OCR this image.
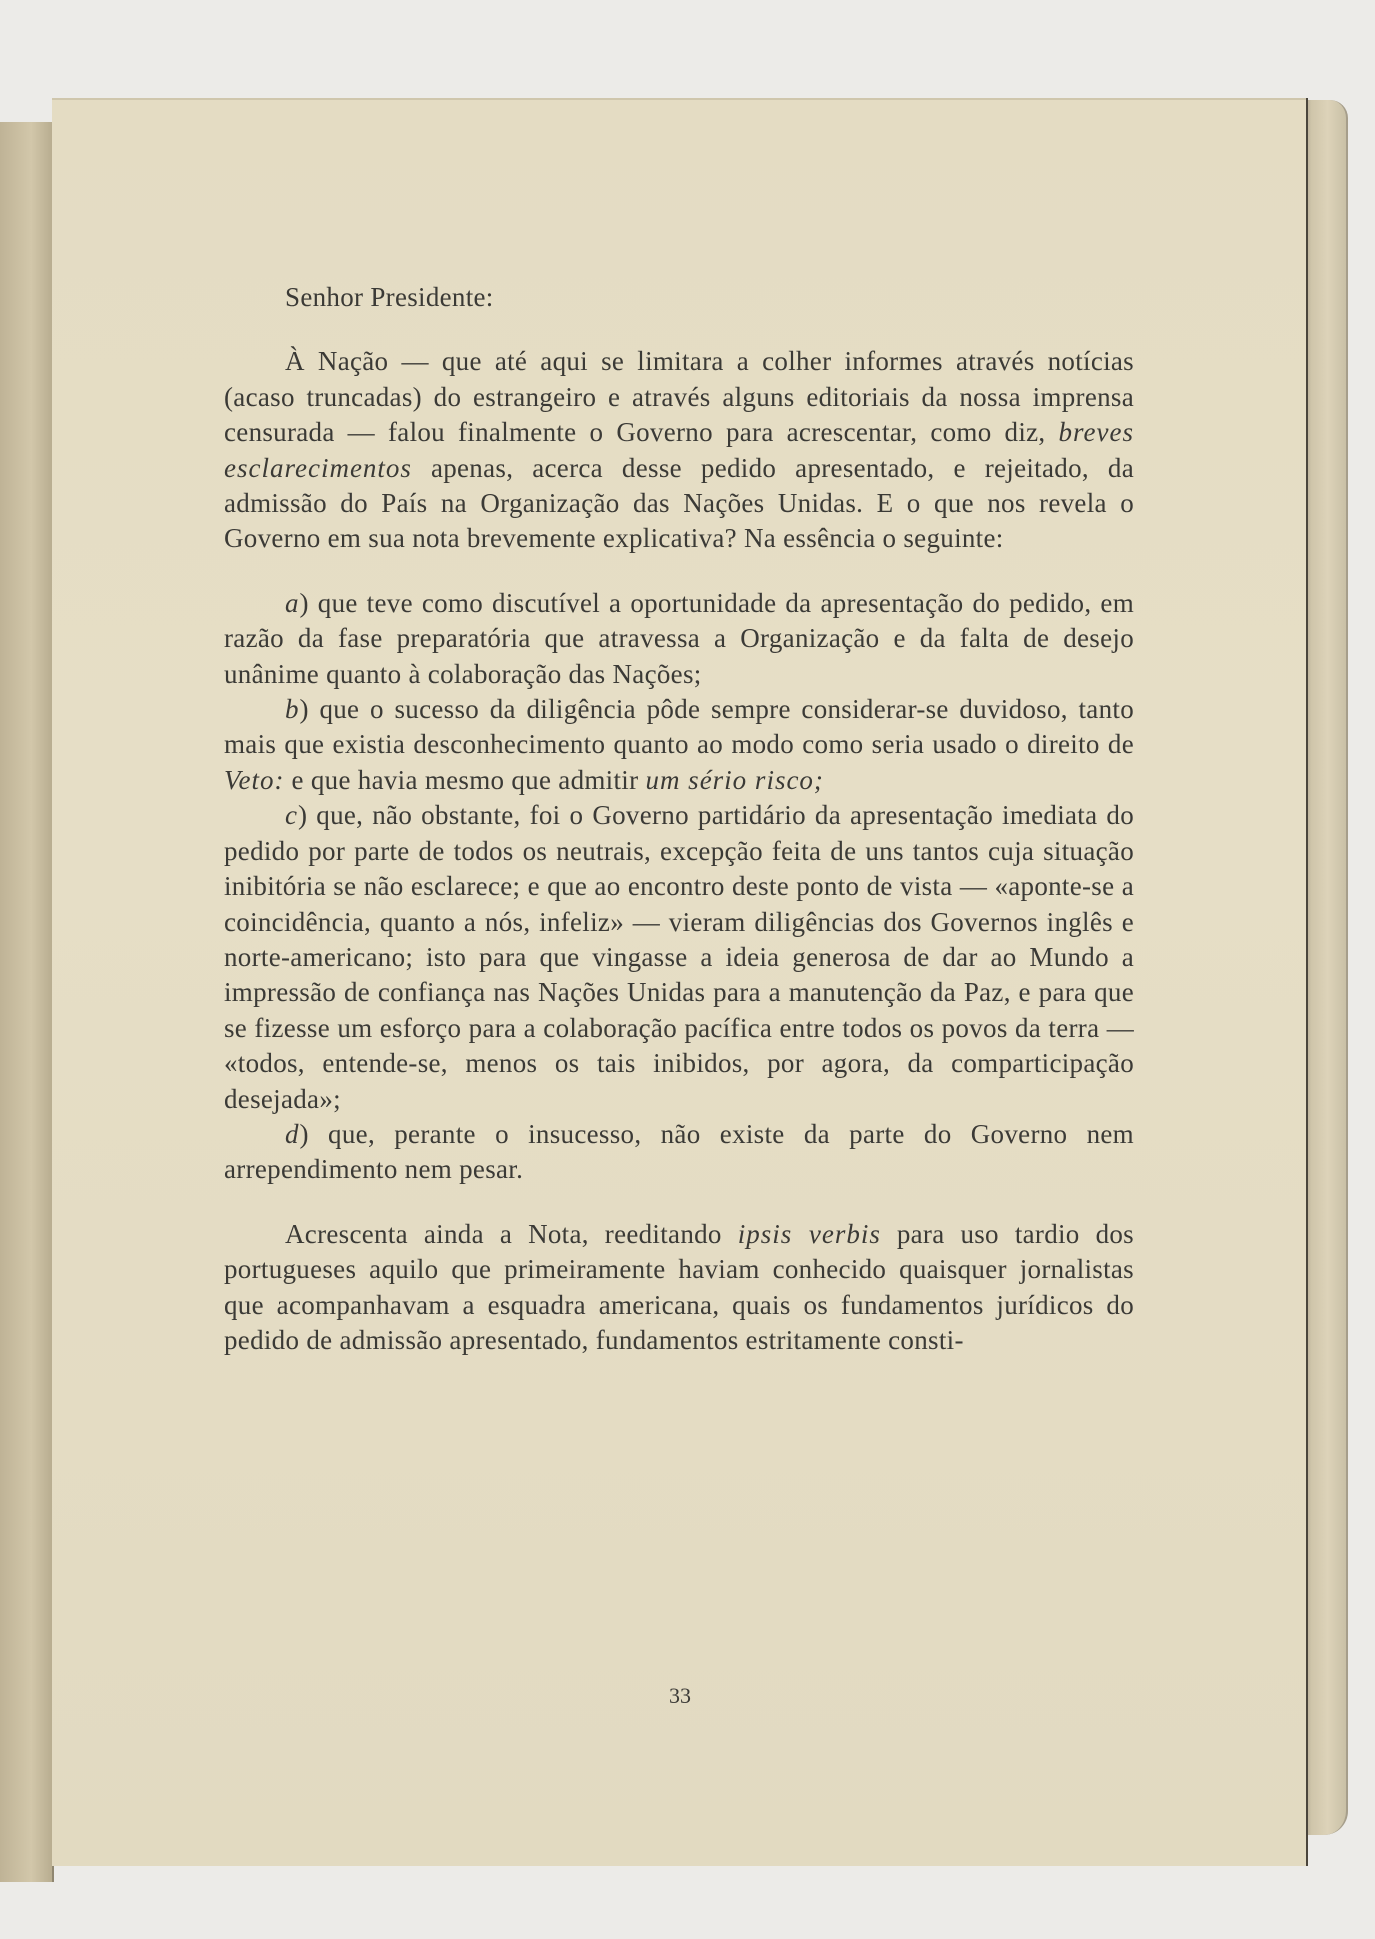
Senhor Presidente:

À Nação — que até aqui se limitara a colher informes através notícias (acaso truncadas) do estrangeiro e através alguns editoriais da nossa imprensa censurada — falou finalmente o Governo para acrescentar, como diz, breves esclarecimentos apenas, acerca desse pedido apresentado, e rejeitado, da admissão do País na Organização das Nações Unidas. E o que nos revela o Governo em sua nota brevemente explicativa? Na essência o seguinte:

a) que teve como discutível a oportunidade da apresentação do pedido, em razão da fase preparatória que atravessa a Organização e da falta de desejo unânime quanto à colaboração das Nações;

b) que o sucesso da diligência pôde sempre considerar-se duvidoso, tanto mais que existia desconhecimento quanto ao modo como seria usado o direito de Veto: e que havia mesmo que admitir um sério risco;

c) que, não obstante, foi o Governo partidário da apresentação imediata do pedido por parte de todos os neutrais, excepção feita de uns tantos cuja situação inibitória se não esclarece; e que ao encontro deste ponto de vista — «aponte-se a coincidência, quanto a nós, infeliz» — vieram diligências dos Governos inglês e norte-americano; isto para que vingasse a ideia generosa de dar ao Mundo a impressão de confiança nas Nações Unidas para a manutenção da Paz, e para que se fizesse um esforço para a colaboração pacífica entre todos os povos da terra — «todos, entende-se, menos os tais inibidos, por agora, da comparticipação desejada»;

d) que, perante o insucesso, não existe da parte do Governo nem arrependimento nem pesar.

Acrescenta ainda a Nota, reeditando ipsis verbis para uso tardio dos portugueses aquilo que primeiramente haviam conhecido quaisquer jornalistas que acompanhavam a esquadra americana, quais os fundamentos jurídicos do pedido de admissão apresentado, fundamentos estritamente consti-

33
